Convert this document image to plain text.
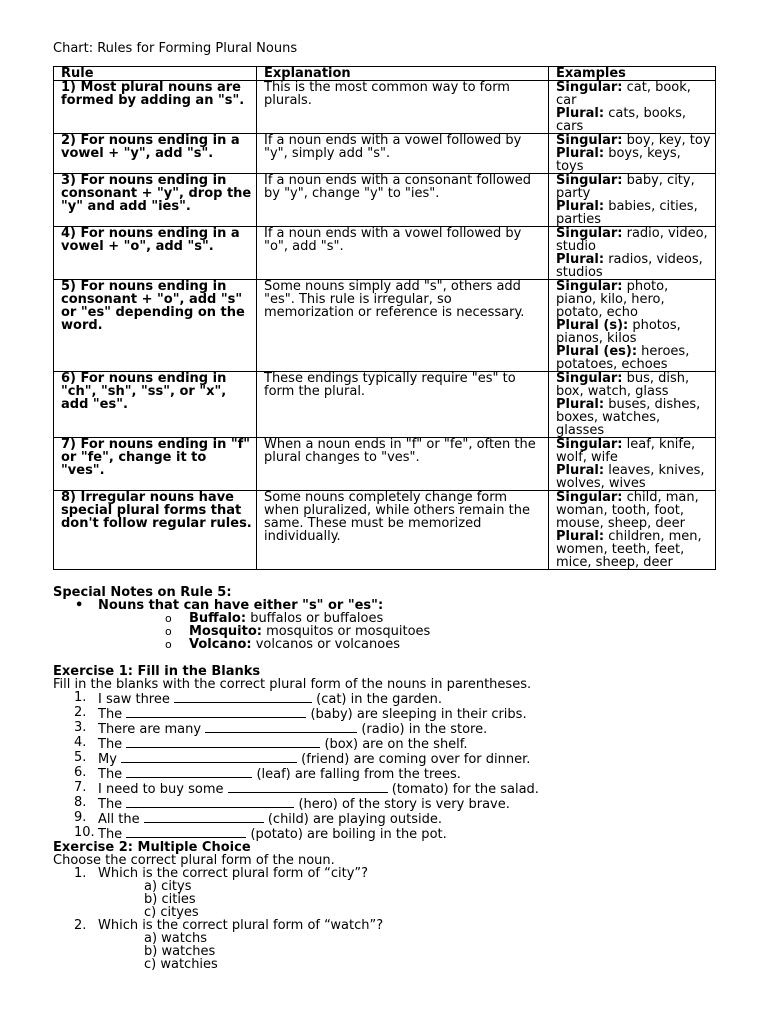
Chart: Rules for Forming Plural Nouns
Rule	Explanation	Examples
1) Most plural nouns are formed by adding an "s".	This is the most common way to form plurals.	Singular: cat, book, car
Plural: cats, books, cars

2) For nouns ending in a vowel + "y", add "s".	If a noun ends with a vowel followed by "y", simply add "s".	Singular: boy, key, toy
Plural: boys, keys, toys

3) For nouns ending in consonant + "y", drop the "y" and add "ies".	If a noun ends with a consonant followed by "y", change "y" to "ies".	Singular: baby, city, party
Plural: babies, cities, parties

4) For nouns ending in a vowel + "o", add "s".	If a noun ends with a vowel followed by "o", add "s".	Singular: radio, video, studio
Plural: radios, videos, studios

5) For nouns ending in consonant + "o", add "s" or "es" depending on the word.	Some nouns simply add "s", others add "es". This rule is irregular, so memorization or reference is necessary.	Singular: photo, piano, kilo, hero, potato, echo
Plural (s): photos, pianos, kilos
Plural (es): heroes, potatoes, echoes

6) For nouns ending in "ch", "sh", "ss", or "x", add "es".	These endings typically require "es" to form the plural.	Singular: bus, dish, box, watch, glass
Plural: buses, dishes, boxes, watches, glasses

7) For nouns ending in "f" or "fe", change it to "ves".	When a noun ends in "f" or "fe", often the plural changes to "ves".	Singular: leaf, knife, wolf, wife
Plural: leaves, knives, wolves, wives

8) Irregular nouns have special plural forms that don't follow regular rules.	Some nouns completely change form when pluralized, while others remain the same. These must be memorized individually.	Singular: child, man, woman, tooth, foot, mouse, sheep, deer
Plural: children, men, women, teeth, feet, mice, sheep, deer
Special Notes on Rule 5:
• Nouns that can have either "s" or "es":
o Buffalo: buffalos or buffaloes
o Mosquito: mosquitos or mosquitoes
o Volcano: volcanos or volcanoes
Exercise 1: Fill in the Blanks
Fill in the blanks with the correct plural form of the nouns in parentheses.
1. I saw three	(cat) in the garden.
2. The	(baby) are sleeping in their cribs.
3. There are many	(radio) in the store.
4. The	(box) are on the shelf.
5. My	(friend) are coming over for dinner.
6. The	(leaf) are falling from the trees.
7. I need to buy some	(tomato) for the salad.
8. The	(hero) of the story is very brave.
9. All the	(child) are playing outside.
10. The	(potato) are boiling in the pot.
Exercise 2: Multiple Choice
Choose the correct plural form of the noun.
1. Which is the correct plural form of “city”?
a) citys
b) cities
c) cityes
2. Which is the correct plural form of “watch”?
a) watchs
b) watches
c) watchies
